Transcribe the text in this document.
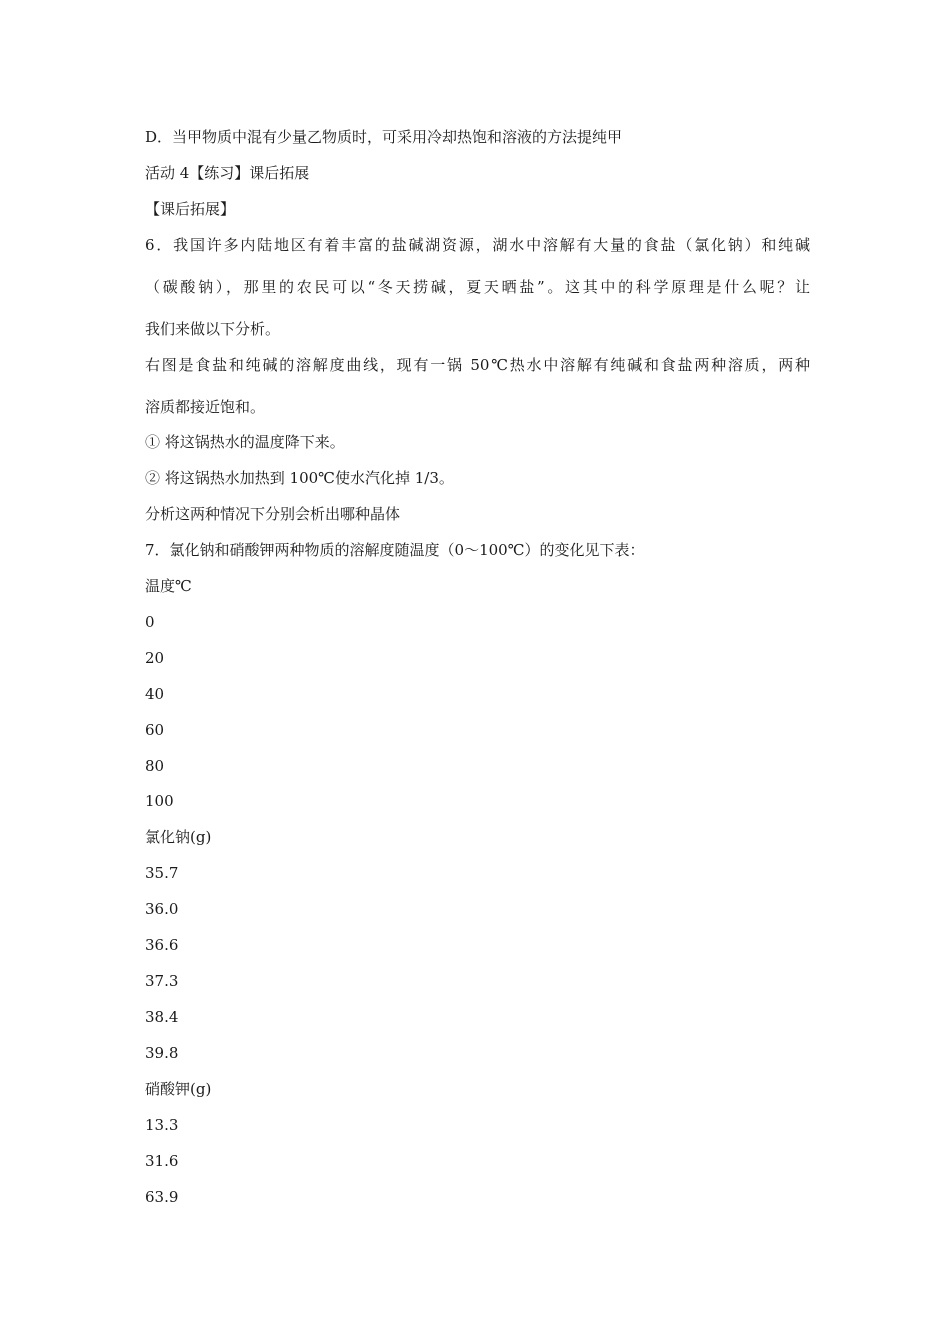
D．当甲物质中混有少量乙物质时，可采用冷却热饱和溶液的方法提纯甲
活动 4【练习】课后拓展
【课后拓展】
6．我国许多内陆地区有着丰富的盐碱湖资源，湖水中溶解有大量的食盐（氯化钠）和纯碱
（碳酸钠），那里的农民可以“冬天捞碱，夏天晒盐”。这其中的科学原理是什么呢？让
我们来做以下分析。
右图是食盐和纯碱的溶解度曲线，现有一锅 50℃热水中溶解有纯碱和食盐两种溶质，两种
溶质都接近饱和。
① 将这锅热水的温度降下来。
② 将这锅热水加热到 100℃使水汽化掉 1/3。
分析这两种情况下分别会析出哪种晶体
7．氯化钠和硝酸钾两种物质的溶解度随温度（0～100℃）的变化见下表：
温度℃
0
20
40
60
80
100
氯化钠(g)
35.7
36.0
36.6
37.3
38.4
39.8
硝酸钾(g)
13.3
31.6
63.9
